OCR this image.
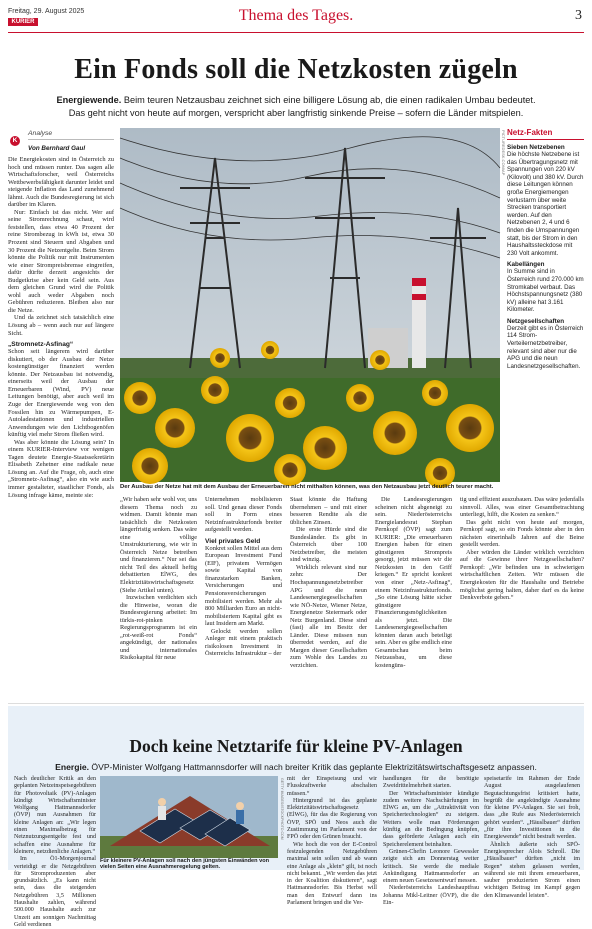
Freitag, 29. August 2025
KURIER	Thema des Tages.	3
Ein Fonds soll die Netzkosten zügeln
Energiewende. Beim teuren Netzausbau zeichnet sich eine billigere Lösung ab, die einen radikalen Umbau bedeutet. Das geht nicht von heute auf morgen, verspricht aber langfristig sinkende Preise – sofern die Länder mitspielen.
K
Analyse
Von Bernhard Gaul

Die Energiekosten sind in Österreich zu hoch und müssen runter. Das sagen alle Wirtschaftsforscher, weil Österreichs Wettbewerbsfähigkeit darunter leidet und steigende Inflation das Land zunehmend lähmt. Auch die Bundesregierung ist sich darüber im Klaren.

Nur: Einfach ist das nicht. Wer auf seine Stromrechnung schaut, wird feststellen, dass etwa 40 Prozent der reine Strombezug in kWh ist, etwa 30 Prozent sind Steuern und Abgaben und 30 Prozent die Netzentgelte. Beim Strom könnte die Politik nur mit Instrumenten wie einer Strompreisbremse eingreifen, dafür dürfte derzeit angesichts der Budgetkrise aber kein Geld sein. Aus dem gleichen Grund wird die Politik wohl auch weder Abgaben noch Gebühren reduzieren. Bleiben also nur die Netze.

Und da zeichnet sich tatsächlich eine Lösung ab – wenn auch nur auf längere Sicht.

„Stromnetz-Asfinag“

Schon seit längerem wird darüber diskutiert, ob der Ausbau der Netze kostengünstiger finanziert werden könnte. Der Netzausbau ist notwendig, einerseits weil der Ausbau der Erneuerbaren (Wind, PV) neue Leitungen benötigt, aber auch weil im Zuge der Energiewende weg von den Fossilen hin zu Wärmepumpen, E-Autoladestationen und industriellen Anwendungen wie den Lichtbogenöfen künftig viel mehr Strom fließen wird.

Was aber könnte die Lösung sein? In einem KURIER-Interview vor wenigen Tagen deutete Energie-Staatssekretärin Elisabeth Zehetner eine radikale neue Lösung an. Auf die Frage, ob, auch eine „Stromnetz-Asfinag“, also ein wie auch immer gestalteter, staatlicher Fonds, als Lösung infrage käme, meinte sie:

PICTUREDESK.COM/AP
Der Ausbau der Netze hat mit dem Ausbau der Erneuerbaren nicht mithalten können, was den Netzausbau jetzt deutlich teurer macht.
Netz-Fakten
Sieben Netzebenen
Die höchste Netzebene ist das Übertragungsnetz mit Spannungen von 220 kV (Kilovolt) und 380 kV. Durch diese Leitungen können große Energiemengen verlustarm über weite Strecken transportiert werden. Auf den Netzebenen 2, 4 und 6 finden die Umspannungen statt, bis der Strom in den Haushaltssteckdose mit 230 Volt ankommt.
Kabellängen
In Summe sind in Österreich rund 270.000 km Stromkabel verbaut. Das Höchstspannungsnetz (380 kV) alleine hat 3.161 Kilometer.
Netzgesellschaften
Derzeit gibt es in Österreich 114 Strom-Verteilernetzbetreiber, relevant sind aber nur die APG und die neun Landesnetzgesellschaften.

„Wir haben sehr wohl vor, uns diesem Thema noch zu widmen. Damit könnte man tatsächlich die Netzkosten längerfristig senken. Das wäre eine völlige Umstrukturierung, wie wir in Österreich Netze betreiben und finanzieren.“ Nur sei das nicht Teil des aktuell heftig debattierten ElWG, des Elektrizitätswirtschaftsgesetz (Siehe Artikel unten).

Inzwischen verdichten sich die Hinweise, woran die Bundesregierung arbeitet: Im türkis-rot-pinken Regierungsprogramm ist ein „rot-weiß-rot Fonds“ angekündigt, der nationales und internationales Risikokapital für neue

Unternehmen mobilisieren soll. Und genau dieser Fonds soll in Form eines Netzinfrastrukturfonds breiter aufgestellt werden.

Viel privates Geld

Konkret sollen Mittel aus dem European Investment Fund (EIF), privatem Vermögen sowie Kapital von finanzstarken Banken, Versicherungen und Pensionsversicherungen mobilisiert werden. Mehr als 800 Milliarden Euro an nicht-mobilisiertem Kapital gibt es laut Insidern am Markt.

Gelockt werden sollen Anleger mit einem praktisch risikolosen Investment in Österreichs Infrastruktur – der

Staat könnte die Haftung übernehmen – und mit einer besseren Rendite als die üblichen Zinsen.

Die erste Hürde sind die Bundesländer. Es gibt in Österreich über 100 Netzbetreiber, die meisten sind winzig.

Wirklich relevant sind nur zehn: Der Hochspannungsnetzbetreiber APG und die neun Landesenergiegesellschaften wie NÖ-Netze, Wiener Netze, Energienetze Steiermark oder Netz Burgenland. Diese sind (fast) alle im Besitz der Länder. Diese müssen nun überredet werden, auf die Margen dieser Gesellschaften zum Wohle des Landes zu verzichten.

Die Landesregierungen scheinen nicht abgeneigt zu sein. Niederösterreichs Energielandesrat Stephan Pernkopf (ÖVP) sagt zum KURIER: „Die erneuerbaren Energien haben für einen günstigeren Strompreis gesorgt, jetzt müssen wir die Netzkosten in den Griff kriegen.“ Er spricht konkret von einer „Netz-Asfinag“, einem Netzinfrastrukturfonds. „So eine Lösung hätte sicher günstigere Finanzierungsmöglichkeiten als jetzt. Die Landesenergiegesellschaften könnten daran auch beteiligt sein. Aber es gibe endlich eine Gesamtschau beim Netzausbau, um diese kostengüns-

tig und effizient auszubauen. Das wäre jedenfalls sinnvoll. Alles, was einer Gesamtbetrachtung unterliegt, hilft, die Kosten zu senken.“

Das geht nicht von heute auf morgen, Pernkopf sagt, so ein Fonds könnte aber in den nächsten einerinhalb Jahren auf die Beine gestellt werden.

Aber würden die Länder wirklich verzichten auf die Gewinne ihrer Netzgesellschaften? Pernkopf: „Wir befinden uns in schwierigen wirtschaftlichen Zeiten. Wir müssen die Energiekosten für die Haushalte und Betriebe möglichst gering halten, daher darf es da keine Denkverbote geben.“

Doch keine Netztarife für kleine PV-Anlagen
Energie. ÖVP-Minister Wolfgang Hattmannsdorfer will nach breiter Kritik das geplante Elektrizitätswirtschaftsgesetz anpassen.

Nach deutlicher Kritik an den geplanten Netzeinspeisegebühren für Photovoltaik (PV)-Anlagen kündigt Wirtschaftsminister Wolfgang Hattmannsdorfer (ÖVP) nun Ausnahmen für kleine Anlagen an: „Wir legen einen Maximalbetrag für Netznutzungsentgelte fest und schaffen eine Ausnahme für kleinere, netzdienliche Anlagen.“

Im Ö1-Morgenjournal verteidigt er die Netzgebühren für Stromproduzenten aber grundsätzlich. „Es kann nicht sein, dass die steigenden Netzgebühren 3,5 Millionen Haushalte zahlen, während 500.000 Haushalte auch zur Unzeit am sonnigen Nachmittag Geld verdienen

GETTY IMAGES/ISTOCKPHOTO.COM
Für kleinere PV-Anlagen soll nach den jüngsten Einwänden von vielen Seiten eine Ausnahmeregelung gelten.

mit der Einspeisung und wir Flusskraftwerke abschalten müssen.“

Hintergrund ist das geplante Elektrizitätswirtschaftsgesetz (ElWG), für das die Regierung von ÖVP, SPÖ und Neos auch die Zustimmung im Parlament von der FPÖ oder den Grünen braucht.

Wie hoch die von der E-Control festzulegenden Netzgebühren maximal sein sollen und ab wann eine Anlage als „klein“ gilt, ist noch nicht bekannt. „Wir werden das jetzt in der Koalition diskutieren“, sagt Hattmannsdorfer. Bis Herbst will man den Entwurf dann ins Parlament bringen und die Ver-

handlungen für die benötigte Zweidrittelmehrheit starten.

Der Wirtschaftsminister kündigte zudem weitere Nachschärfungen im ElWG an, um die „Attraktivität von Speichertechnologien“ zu steigern. Weiters wolle man Förderungen künftig an die Bedingung knüpfen, dass geförderte Anlagen auch ein Speicherelement beinhalten.

Grünen-Chefin Leonore Gewessler zeigte sich am Donnerstag weiter kritisch. Sie werde die mediale Ankündigung Hattmannsdorfer an einem neuen Gesetzesentwurf messen.

Niederösterreichs Landeshauptfrau Johanna Mikl-Leitner (ÖVP), die die Ein-

speisetarife im Rahmen der Ende August ausgelaufenen Begutachtungsfrist kritisiert hatte, begrüßt die angekündigte Ausnahme für kleine PV-Anlagen. Sie sei froh, dass „die Rufe aus Niederösterreich gehört wurden“. „Häuslbauer“ dürften „für ihre Investitionen in die Energiewende“ nicht bestraft werden.

Ähnlich äußerte sich SPÖ-Energiesprecher Alois Schroll. Die „Häuslbauer“ dürften „nicht im Regen“ stehen gelassen werden, während sie mit ihrem erneuerbaren, sauber produzierten Strom einen wichtigen Beitrag im Kampf gegen den Klimawandel leisten“.
